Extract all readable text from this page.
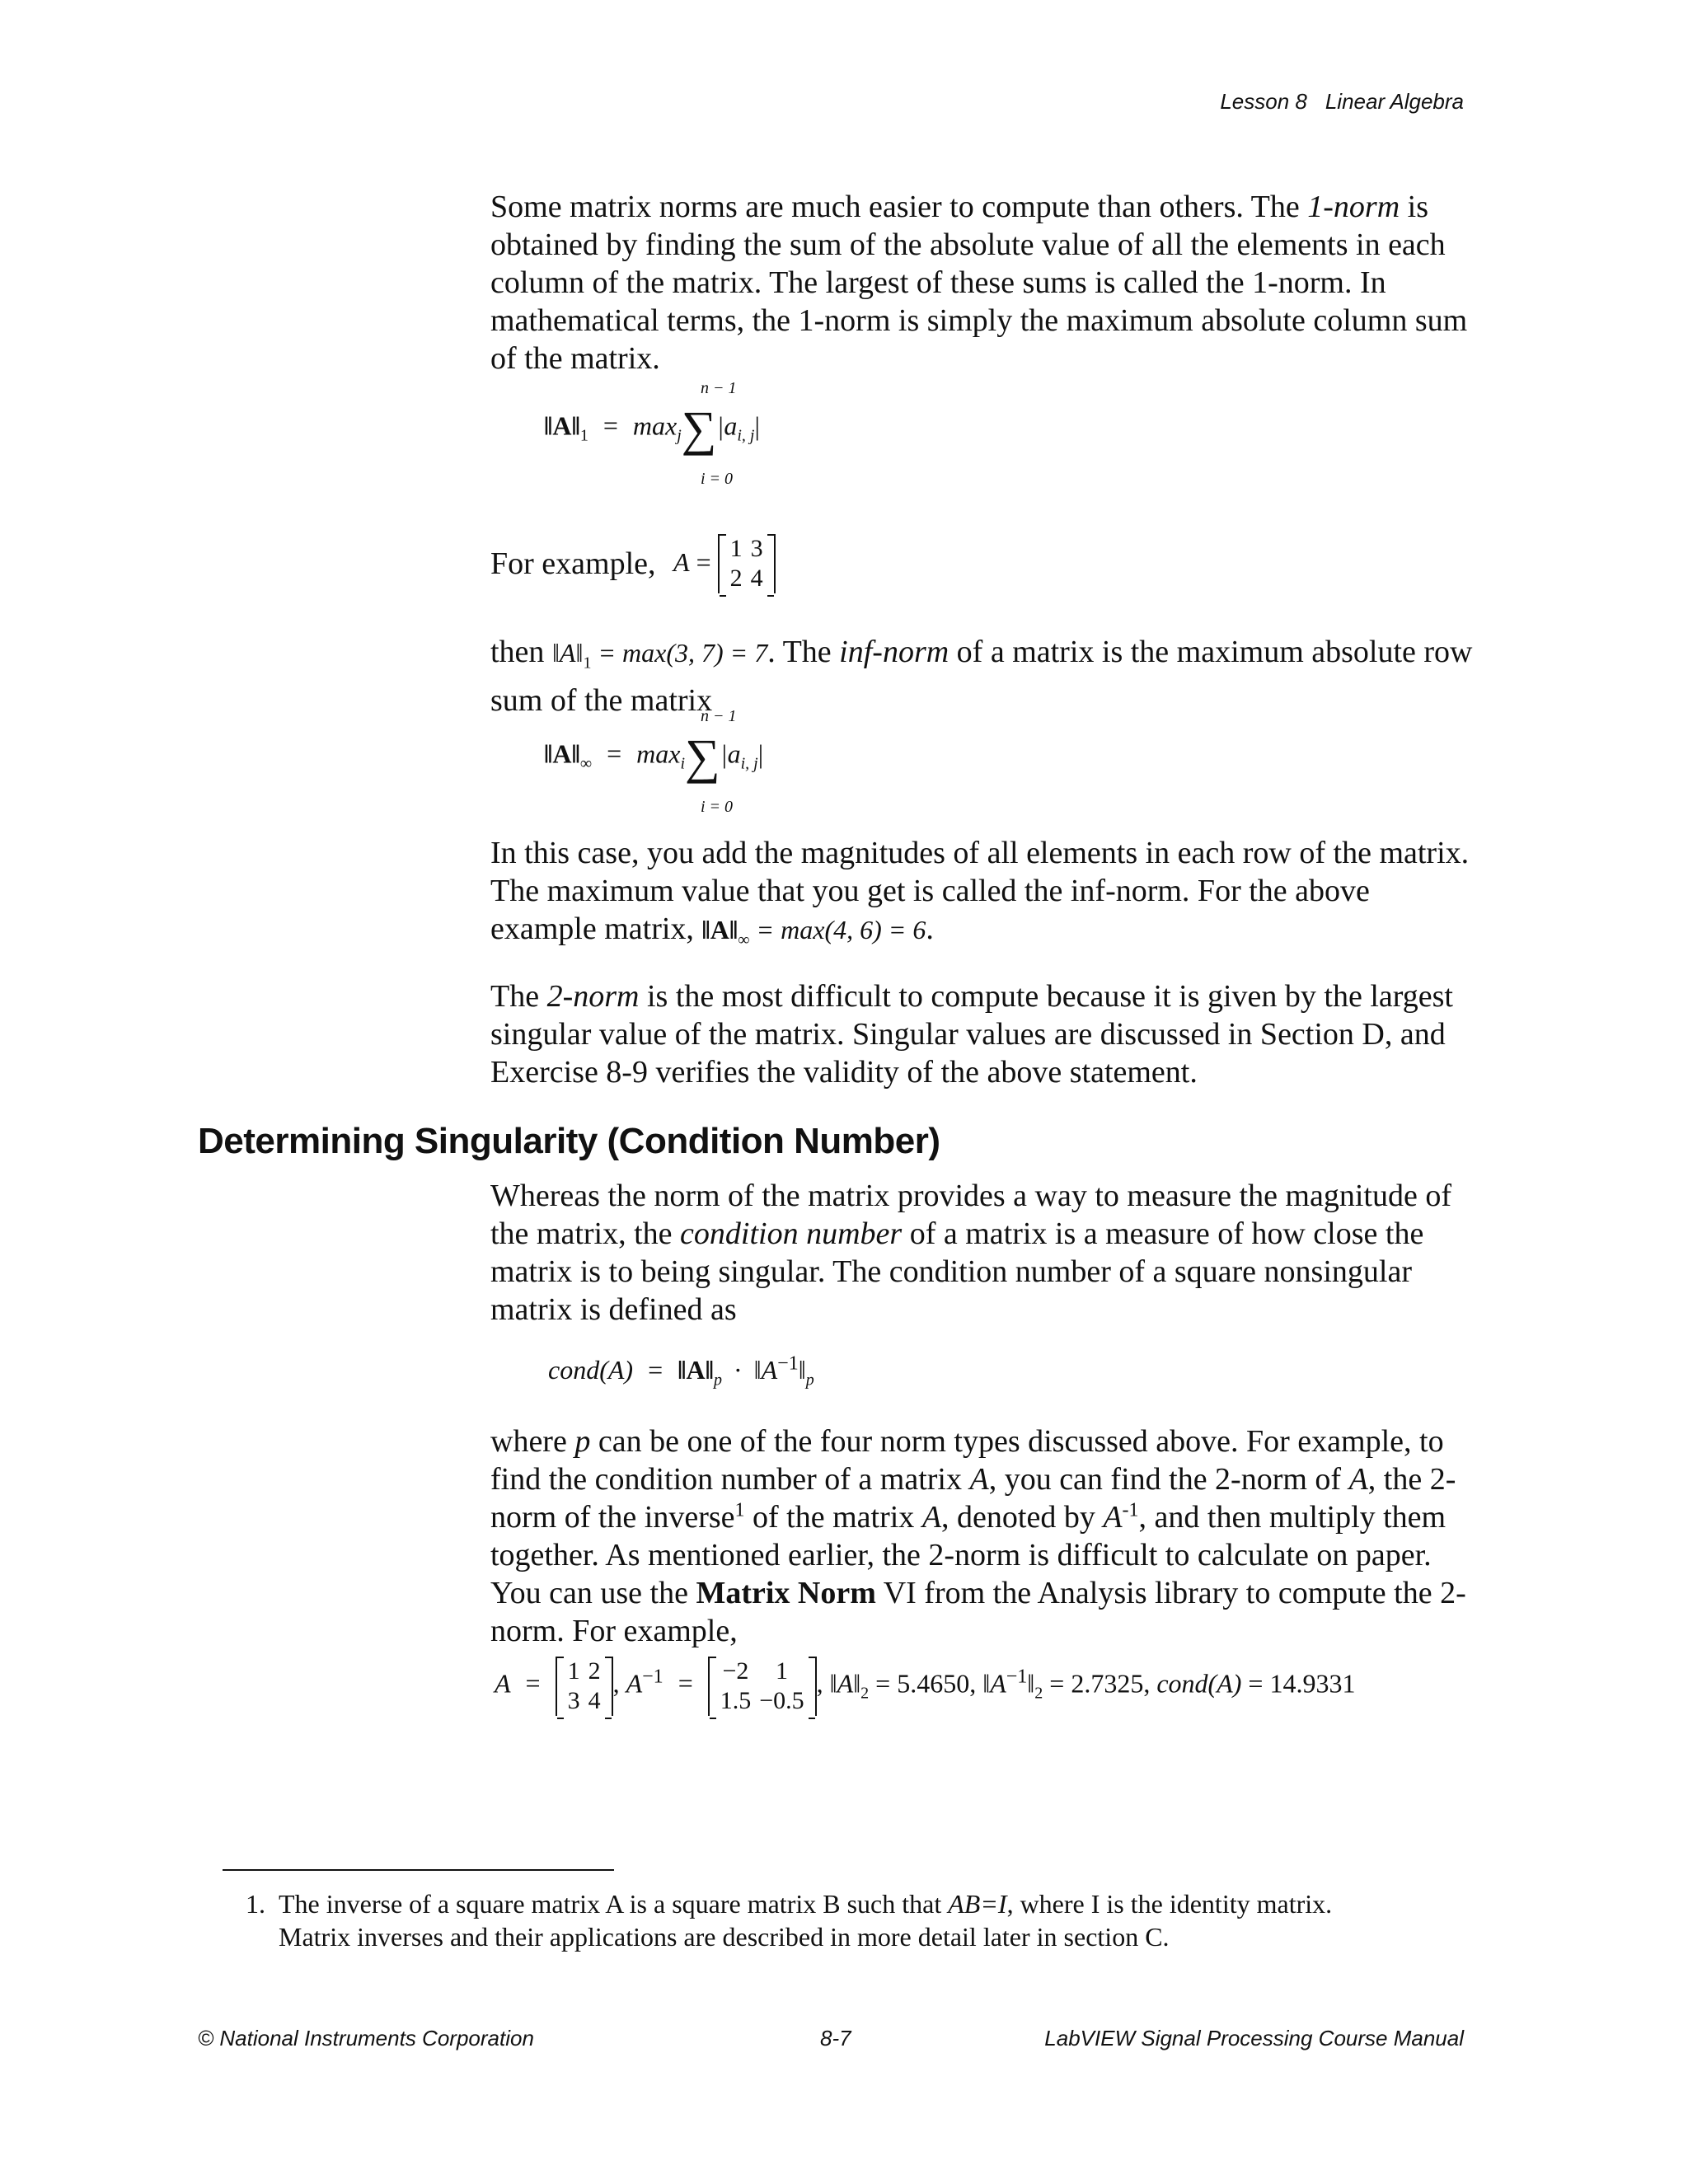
Lesson 8 Linear Algebra

Some matrix norms are much easier to compute than others. The 1-norm is obtained by finding the sum of the absolute value of all the elements in each column of the matrix. The largest of these sums is called the 1-norm. In mathematical terms, the 1-norm is simply the maximum absolute column sum of the matrix.

n − 1
i = 0
$‖A‖_1 = \max_j\sum|a_{i, j}|$
For example, A = 1	3
2	4

then $‖A‖_1 = \max(3$, 7) = 7. The inf-norm of a matrix is the maximum absolute row sum of the matrix

n − 1
i = 0
$‖A‖_\infty = \max_i\sum|a_{i, j}|$

In this case, you add the magnitudes of all elements in each row of the matrix. The maximum value that you get is called the inf-norm. For the above example matrix, $‖A‖_\infty = \max(4$, 6) = 6.

The 2-norm is the most difficult to compute because it is given by the largest singular value of the matrix. Singular values are discussed in Section D, and Exercise 8-9 verifies the validity of the above statement.

Determining Singularity (Condition Number)

Whereas the norm of the matrix provides a way to measure the magnitude of the matrix, the condition number of a matrix is a measure of how close the matrix is to being singular. The condition number of a square nonsingular matrix is defined as

cond(A) = $‖A‖_p$ · $‖A^{-1}‖_p$

where p can be one of the four norm types discussed above. For example, to find the condition number of a matrix A, you can find the 2-norm of A, the 2-norm of the inverse$^1$ of the matrix A, denoted by $A^{-1}$, and then multiply them together. As mentioned earlier, the 2-norm is difficult to calculate on paper. You can use the Matrix Norm VI from the Analysis library to compute the 2-norm. For example,

A = 1	2
3	4
, $A^{-1} = -2$	1
1.5	−0.5
, $‖A‖_2 = 5.4650$, $‖A^{-1}‖_2 = 2.7325$, cond(A) = 14.9331
1. The inverse of a square matrix A is a square matrix B such that AB=I, where I is the identity matrix.
Matrix inverses and their applications are described in more detail later in section C.
© National Instruments Corporation	8-7	LabVIEW Signal Processing Course Manual
